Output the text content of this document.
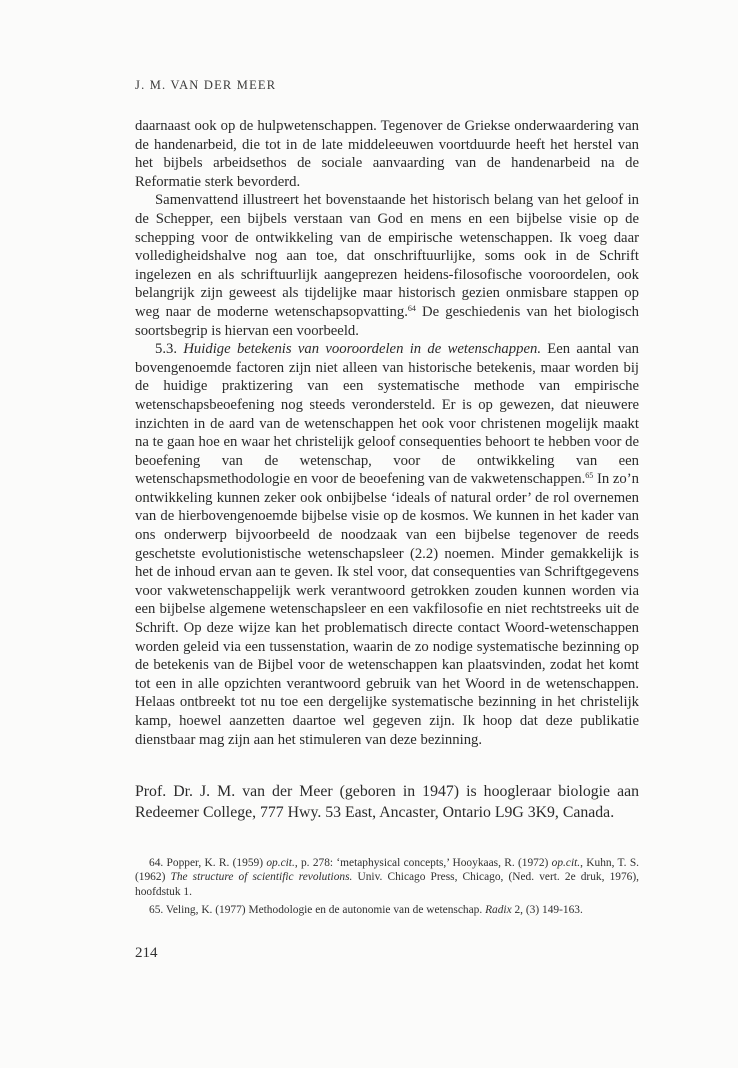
J. M. VAN DER MEER

daarnaast ook op de hulpwetenschappen. Tegenover de Griekse onderwaardering van de handenarbeid, die tot in de late middeleeuwen voortduurde heeft het herstel van het bijbels arbeidsethos de sociale aanvaarding van de handenarbeid na de Reformatie sterk bevorderd.

Samenvattend illustreert het bovenstaande het historisch belang van het geloof in de Schepper, een bijbels verstaan van God en mens en een bijbelse visie op de schepping voor de ontwikkeling van de empirische wetenschappen. Ik voeg daar volledigheidshalve nog aan toe, dat onschriftuurlijke, soms ook in de Schrift ingelezen en als schriftuurlijk aangeprezen heidens-filosofische vooroordelen, ook belangrijk zijn geweest als tijdelijke maar historisch gezien onmisbare stappen op weg naar de moderne wetenschapsopvatting.$^{64}$ De geschiedenis van het biologisch soortsbegrip is hiervan een voorbeeld.

5.3. Huidige betekenis van vooroordelen in de wetenschappen. Een aantal van bovengenoemde factoren zijn niet alleen van historische betekenis, maar worden bij de huidige praktizering van een systematische methode van empirische wetenschapsbeoefening nog steeds verondersteld. Er is op gewezen, dat nieuwere inzichten in de aard van de wetenschappen het ook voor christenen mogelijk maakt na te gaan hoe en waar het christelijk geloof consequenties behoort te hebben voor de beoefening van de wetenschap, voor de ontwikkeling van een wetenschapsmethodologie en voor de beoefening van de vakwetenschappen.$^{65}$ In zo’n ontwikkeling kunnen zeker ook onbijbelse ‘ideals of natural order’ de rol overnemen van de hierbovengenoemde bijbelse visie op de kosmos. We kunnen in het kader van ons onderwerp bijvoorbeeld de noodzaak van een bijbelse tegenover de reeds geschetste evolutionistische wetenschapsleer (2.2) noemen. Minder gemakkelijk is het de inhoud ervan aan te geven. Ik stel voor, dat consequenties van Schriftgegevens voor vakwetenschappelijk werk verantwoord getrokken zouden kunnen worden via een bijbelse algemene wetenschapsleer en een vakfilosofie en niet rechtstreeks uit de Schrift. Op deze wijze kan het problematisch directe contact Woord-wetenschappen worden geleid via een tussenstation, waarin de zo nodige systematische bezinning op de betekenis van de Bijbel voor de wetenschappen kan plaatsvinden, zodat het komt tot een in alle opzichten verantwoord gebruik van het Woord in de wetenschappen. Helaas ontbreekt tot nu toe een dergelijke systematische bezinning in het christelijk kamp, hoewel aanzetten daartoe wel gegeven zijn. Ik hoop dat deze publikatie dienstbaar mag zijn aan het stimuleren van deze bezinning.

Prof. Dr. J. M. van der Meer (geboren in 1947) is hoogleraar biologie aan Redeemer College, 777 Hwy. 53 East, Ancaster, Ontario L9G 3K9, Canada.

64. Popper, K. R. (1959) op.cit., p. 278: ‘metaphysical concepts,’ Hooykaas, R. (1972) op.cit., Kuhn, T. S. (1962) The structure of scientific revolutions. Univ. Chicago Press, Chicago, (Ned. vert. 2e druk, 1976), hoofdstuk 1.

65. Veling, K. (1977) Methodologie en de autonomie van de wetenschap. Radix 2, (3) 149-163.

214
